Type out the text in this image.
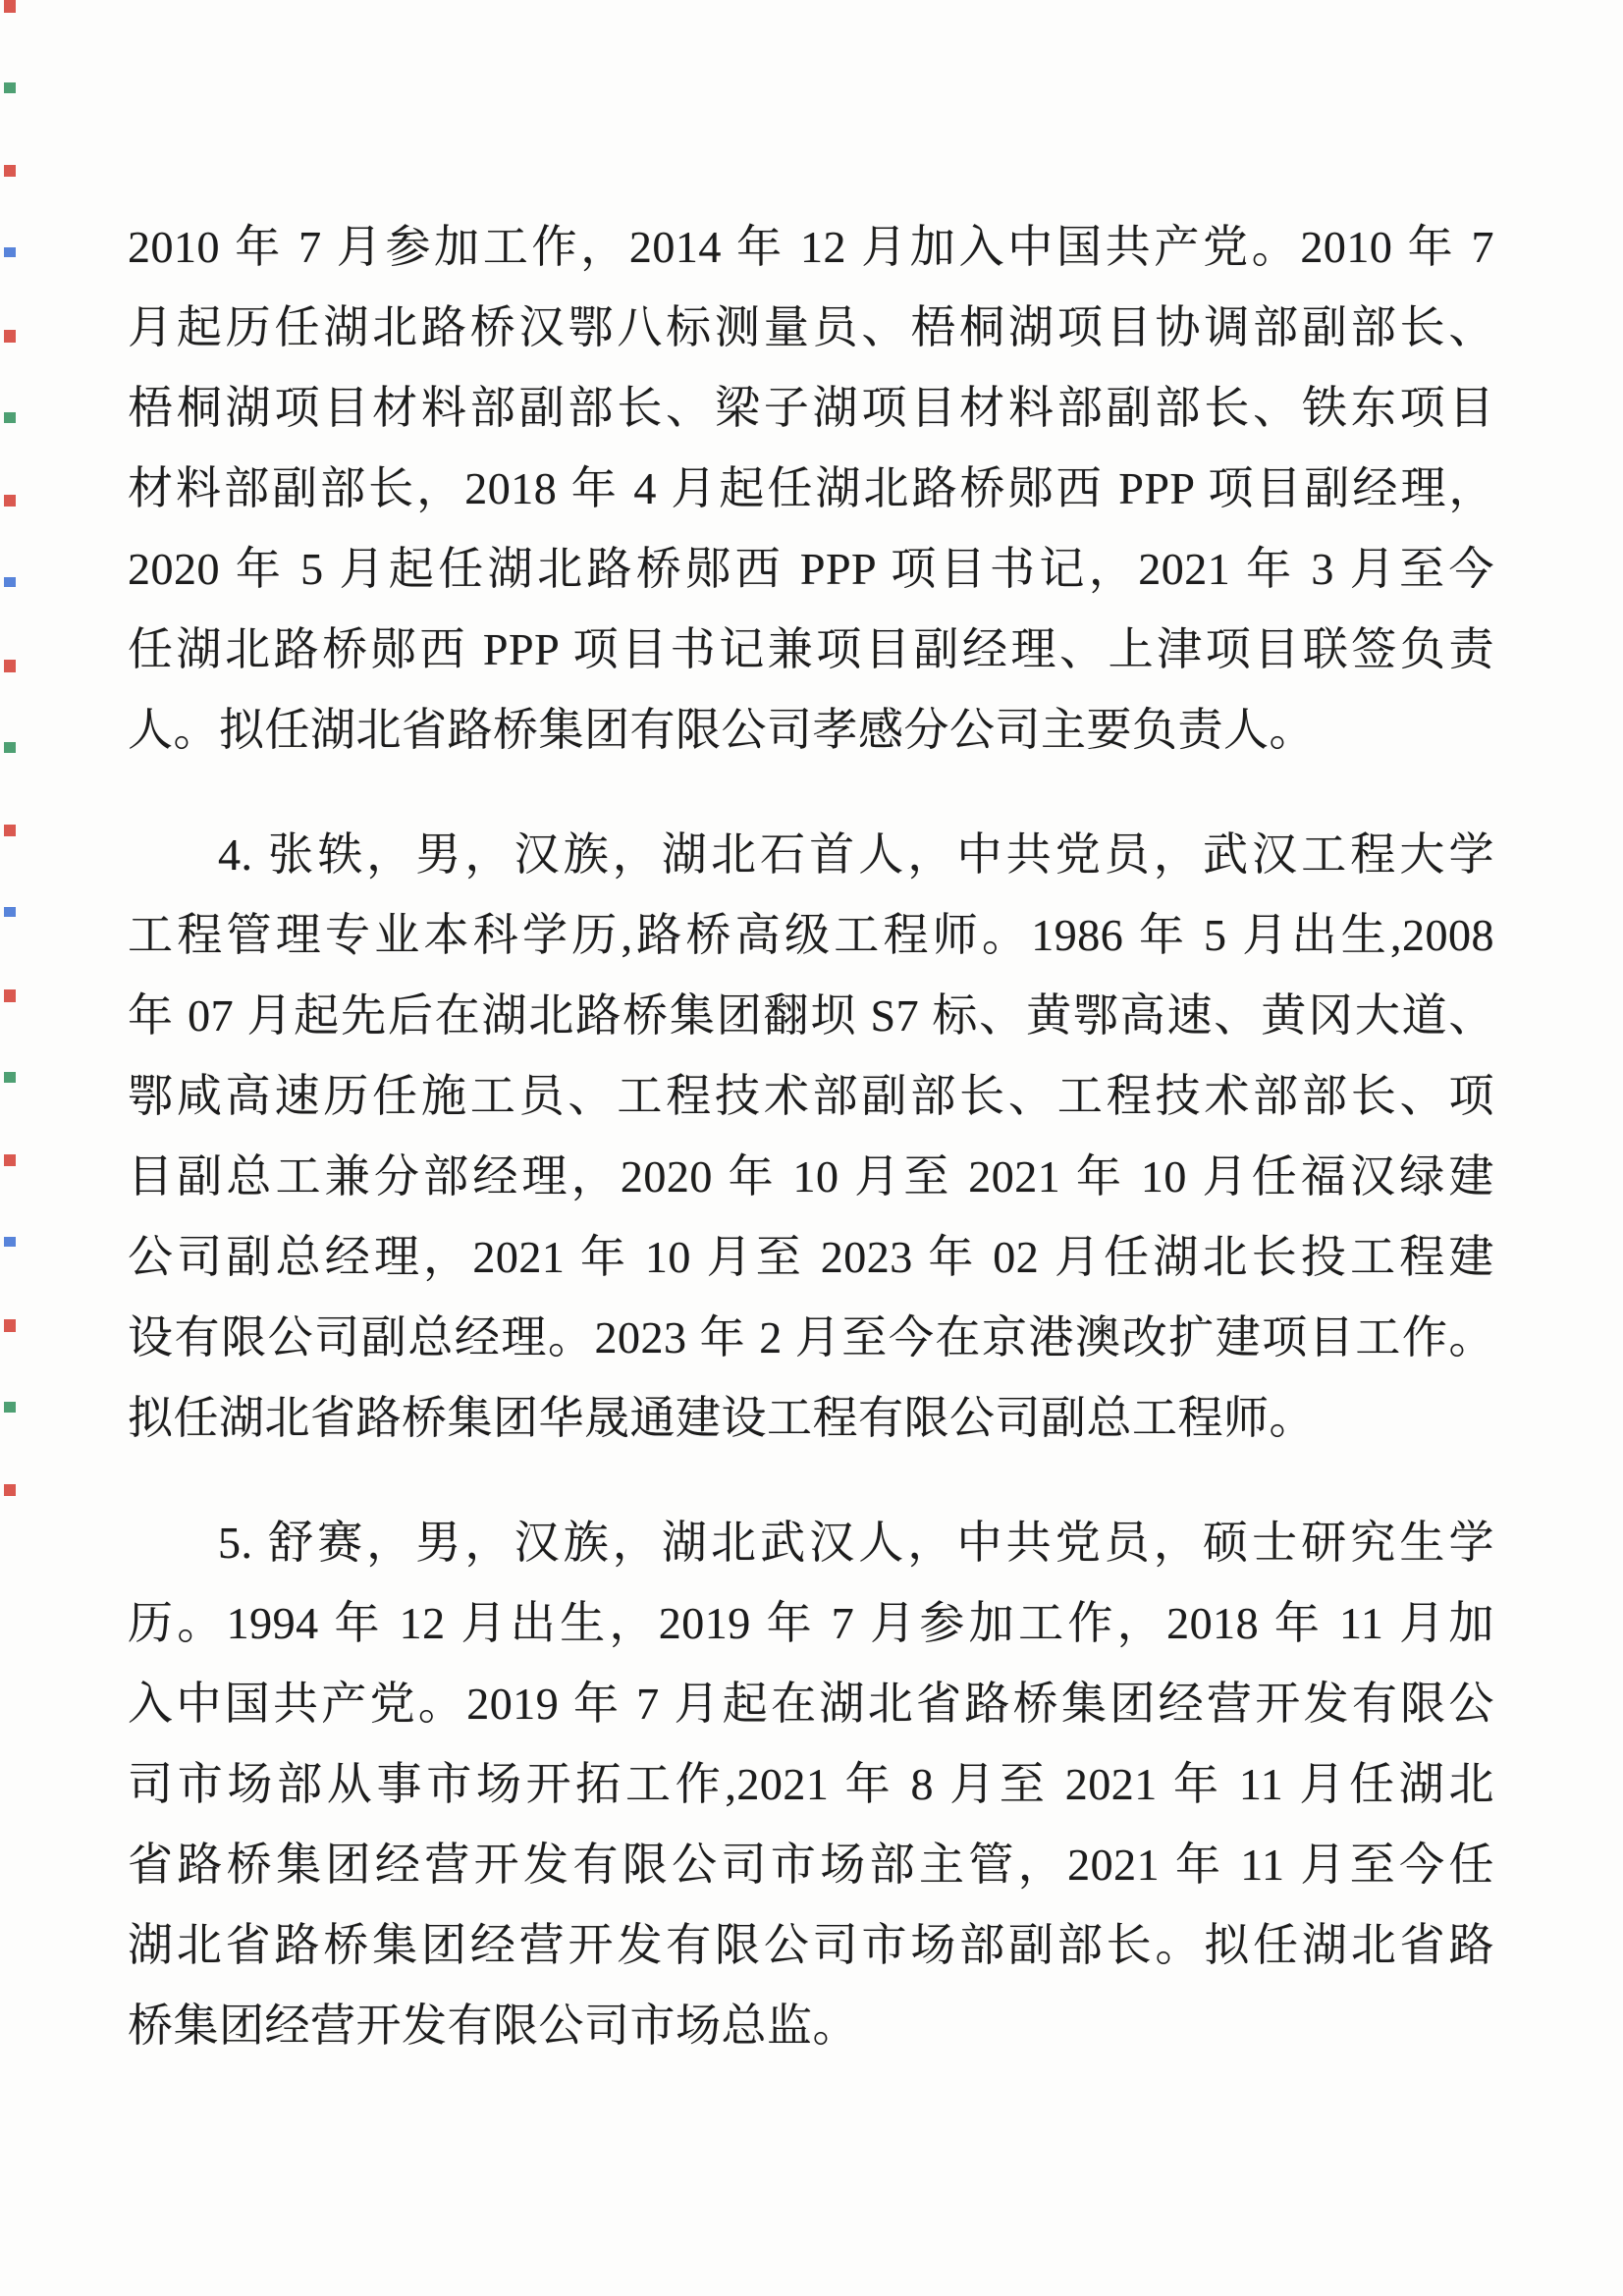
2010 年 7 月参加工作，2014 年 12 月加入中国共产党。2010 年 7
月起历任湖北路桥汉鄂八标测量员、梧桐湖项目协调部副部长、
梧桐湖项目材料部副部长、梁子湖项目材料部副部长、铁东项目
材料部副部长，2018 年 4 月起任湖北路桥郧西 PPP 项目副经理，
2020 年 5 月起任湖北路桥郧西 PPP 项目书记，2021 年 3 月至今
任湖北路桥郧西 PPP 项目书记兼项目副经理、上津项目联签负责
人。拟任湖北省路桥集团有限公司孝感分公司主要负责人。
4. 张轶，男，汉族，湖北石首人，中共党员，武汉工程大学
工程管理专业本科学历,路桥高级工程师。1986 年 5 月出生,2008
年 07 月起先后在湖北路桥集团翻坝 S7 标、黄鄂高速、黄冈大道、
鄂咸高速历任施工员、工程技术部副部长、工程技术部部长、项
目副总工兼分部经理，2020 年 10 月至 2021 年 10 月任福汉绿建
公司副总经理，2021 年 10 月至 2023 年 02 月任湖北长投工程建
设有限公司副总经理。2023 年 2 月至今在京港澳改扩建项目工作。
拟任湖北省路桥集团华晟通建设工程有限公司副总工程师。
5. 舒赛，男，汉族，湖北武汉人，中共党员，硕士研究生学
历。1994 年 12 月出生，2019 年 7 月参加工作，2018 年 11 月加
入中国共产党。2019 年 7 月起在湖北省路桥集团经营开发有限公
司市场部从事市场开拓工作,2021 年 8 月至 2021 年 11 月任湖北
省路桥集团经营开发有限公司市场部主管，2021 年 11 月至今任
湖北省路桥集团经营开发有限公司市场部副部长。拟任湖北省路
桥集团经营开发有限公司市场总监。
